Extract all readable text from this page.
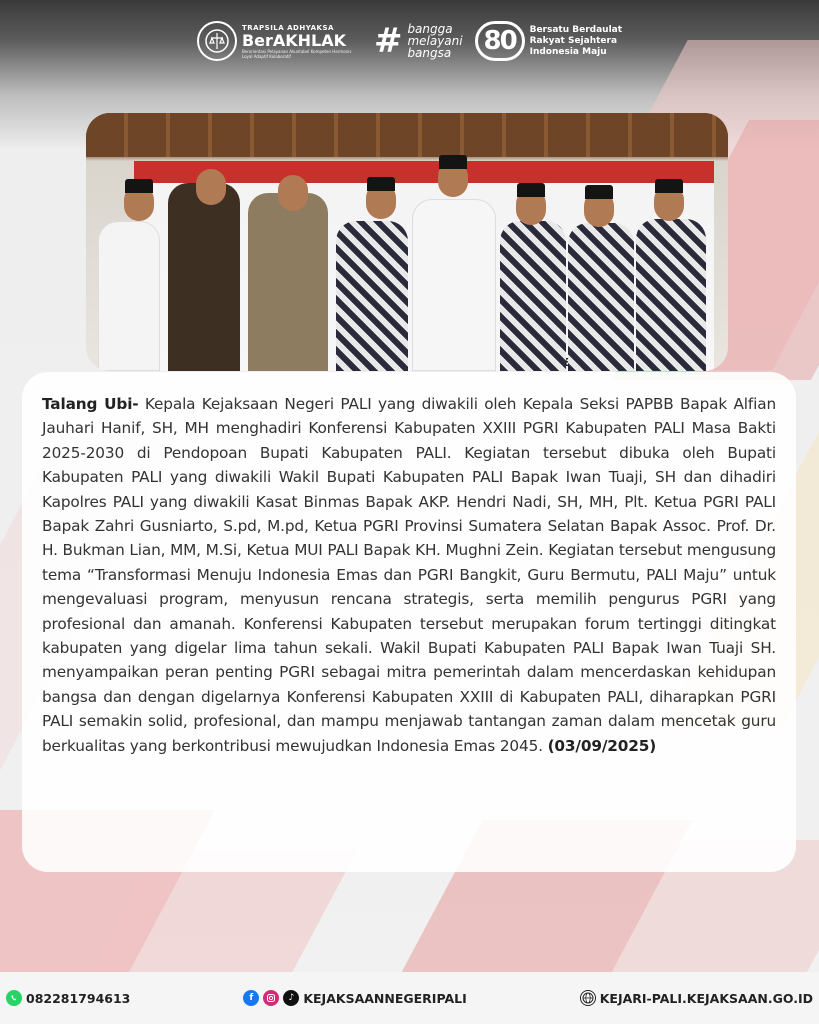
TRAPSILA ADHYAKSA
BerAKHLAK
Berorientasi Pelayanan Akuntabel Kompeten Harmonis Loyal Adaptif Kolaboratif	# bangga
melayani
bangsa	80	Bersatu Berdaulat
Rakyat Sejahtera
Indonesia Maju

Talang Ubi- Kepala Kejaksaan Negeri PALI yang diwakili oleh Kepala Seksi PAPBB Bapak Alfian Jauhari Hanif, SH, MH menghadiri Konferensi Kabupaten XXIII PGRI Kabupaten PALI Masa Bakti 2025-2030 di Pendopoan Bupati Kabupaten PALI. Kegiatan tersebut dibuka oleh Bupati Kabupaten PALI yang diwakili Wakil Bupati Kabupaten PALI Bapak Iwan Tuaji, SH dan dihadiri Kapolres PALI yang diwakili Kasat Binmas Bapak AKP. Hendri Nadi, SH, MH, Plt. Ketua PGRI PALI Bapak Zahri Gusniarto, S.pd, M.pd, Ketua PGRI Provinsi Sumatera Selatan Bapak Assoc. Prof. Dr. H. Bukman Lian, MM, M.Si, Ketua MUI PALI Bapak KH. Mughni Zein. Kegiatan tersebut mengusung tema “Transformasi Menuju Indonesia Emas dan PGRI Bangkit, Guru Bermutu, PALI Maju” untuk mengevaluasi program, menyusun rencana strategis, serta memilih pengurus PGRI yang profesional dan amanah. Konferensi Kabupaten tersebut merupakan forum tertinggi ditingkat kabupaten yang digelar lima tahun sekali. Wakil Bupati Kabupaten PALI Bapak Iwan Tuaji SH. menyampaikan peran penting PGRI sebagai mitra pemerintah dalam mencerdaskan kehidupan bangsa dan dengan digelarnya Konferensi Kabupaten XXIII di Kabupaten PALI, diharapkan PGRI PALI semakin solid, profesional, dan mampu menjawab tantangan zaman dalam mencetak guru berkualitas yang berkontribusi mewujudkan Indonesia Emas 2045. (03/09/2025)

082281794613	f	♪ KEJAKSAANNEGERIPALI	KEJARI-PALI.KEJAKSAAN.GO.ID
